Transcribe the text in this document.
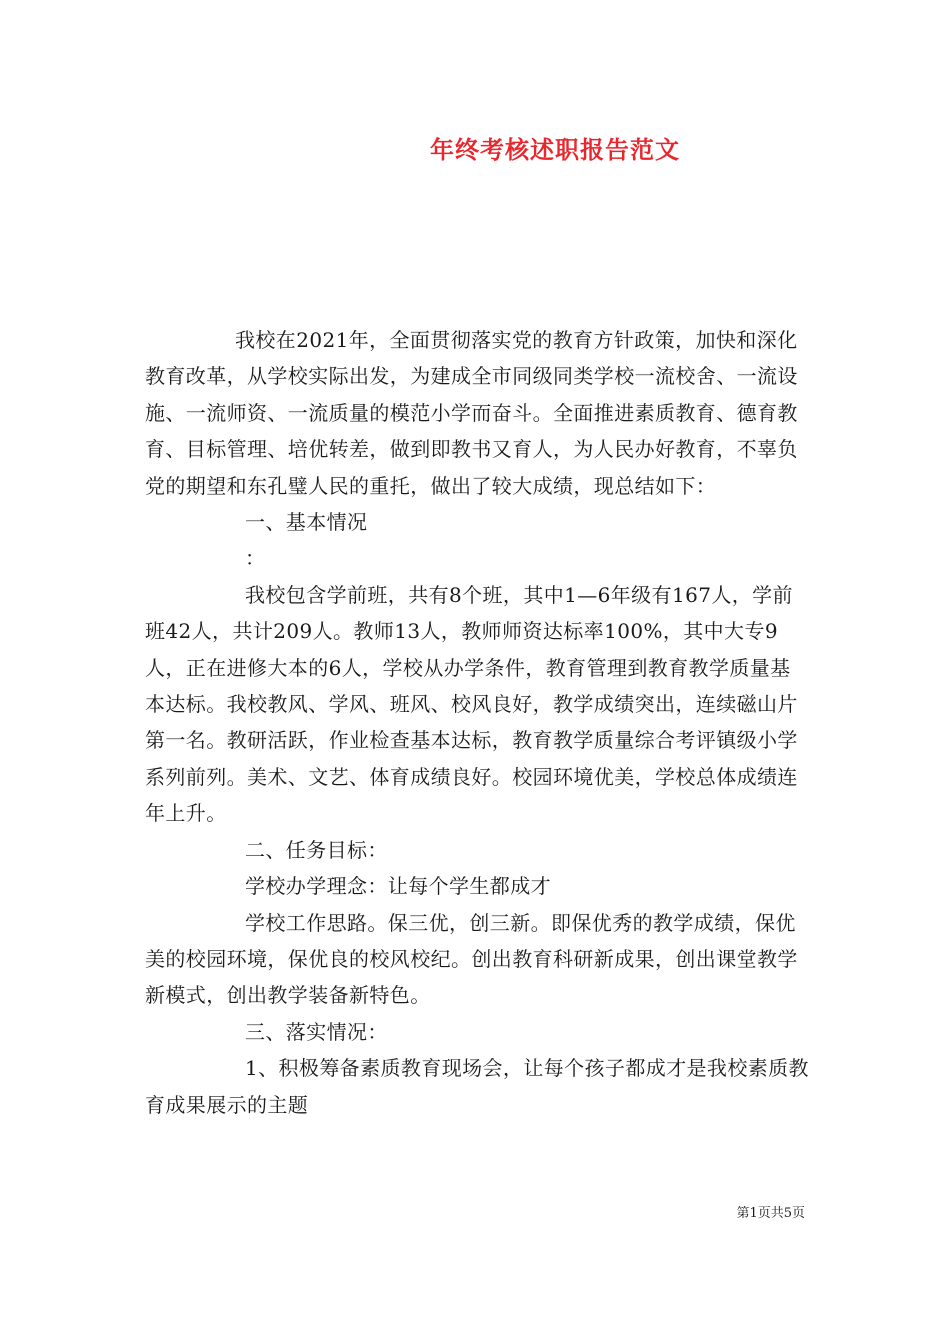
年终考核述职报告范文

我校在2021年，全面贯彻落实党的教育方针政策，加快和深化教育改革，从学校实际出发，为建成全市同级同类学校一流校舍、一流设施、一流师资、一流质量的模范小学而奋斗。全面推进素质教育、德育教育、目标管理、培优转差，做到即教书又育人，为人民办好教育，不辜负党的期望和东孔璧人民的重托，做出了较大成绩，现总结如下：

一、基本情况

：

我校包含学前班，共有8个班，其中1—6年级有167人，学前班42人，共计209人。教师13人，教师师资达标率100%，其中大专9人，正在进修大本的6人，学校从办学条件，教育管理到教育教学质量基本达标。我校教风、学风、班风、校风良好，教学成绩突出，连续磁山片第一名。教研活跃，作业检查基本达标，教育教学质量综合考评镇级小学系列前列。美术、文艺、体育成绩良好。校园环境优美，学校总体成绩连年上升。

二、任务目标：

学校办学理念：让每个学生都成才

学校工作思路。保三优，创三新。即保优秀的教学成绩，保优美的校园环境，保优良的校风校纪。创出教育科研新成果，创出课堂教学新模式，创出教学装备新特色。

三、落实情况：

1、积极筹备素质教育现场会，让每个孩子都成才是我校素质教育成果展示的主题

第1页共5页
